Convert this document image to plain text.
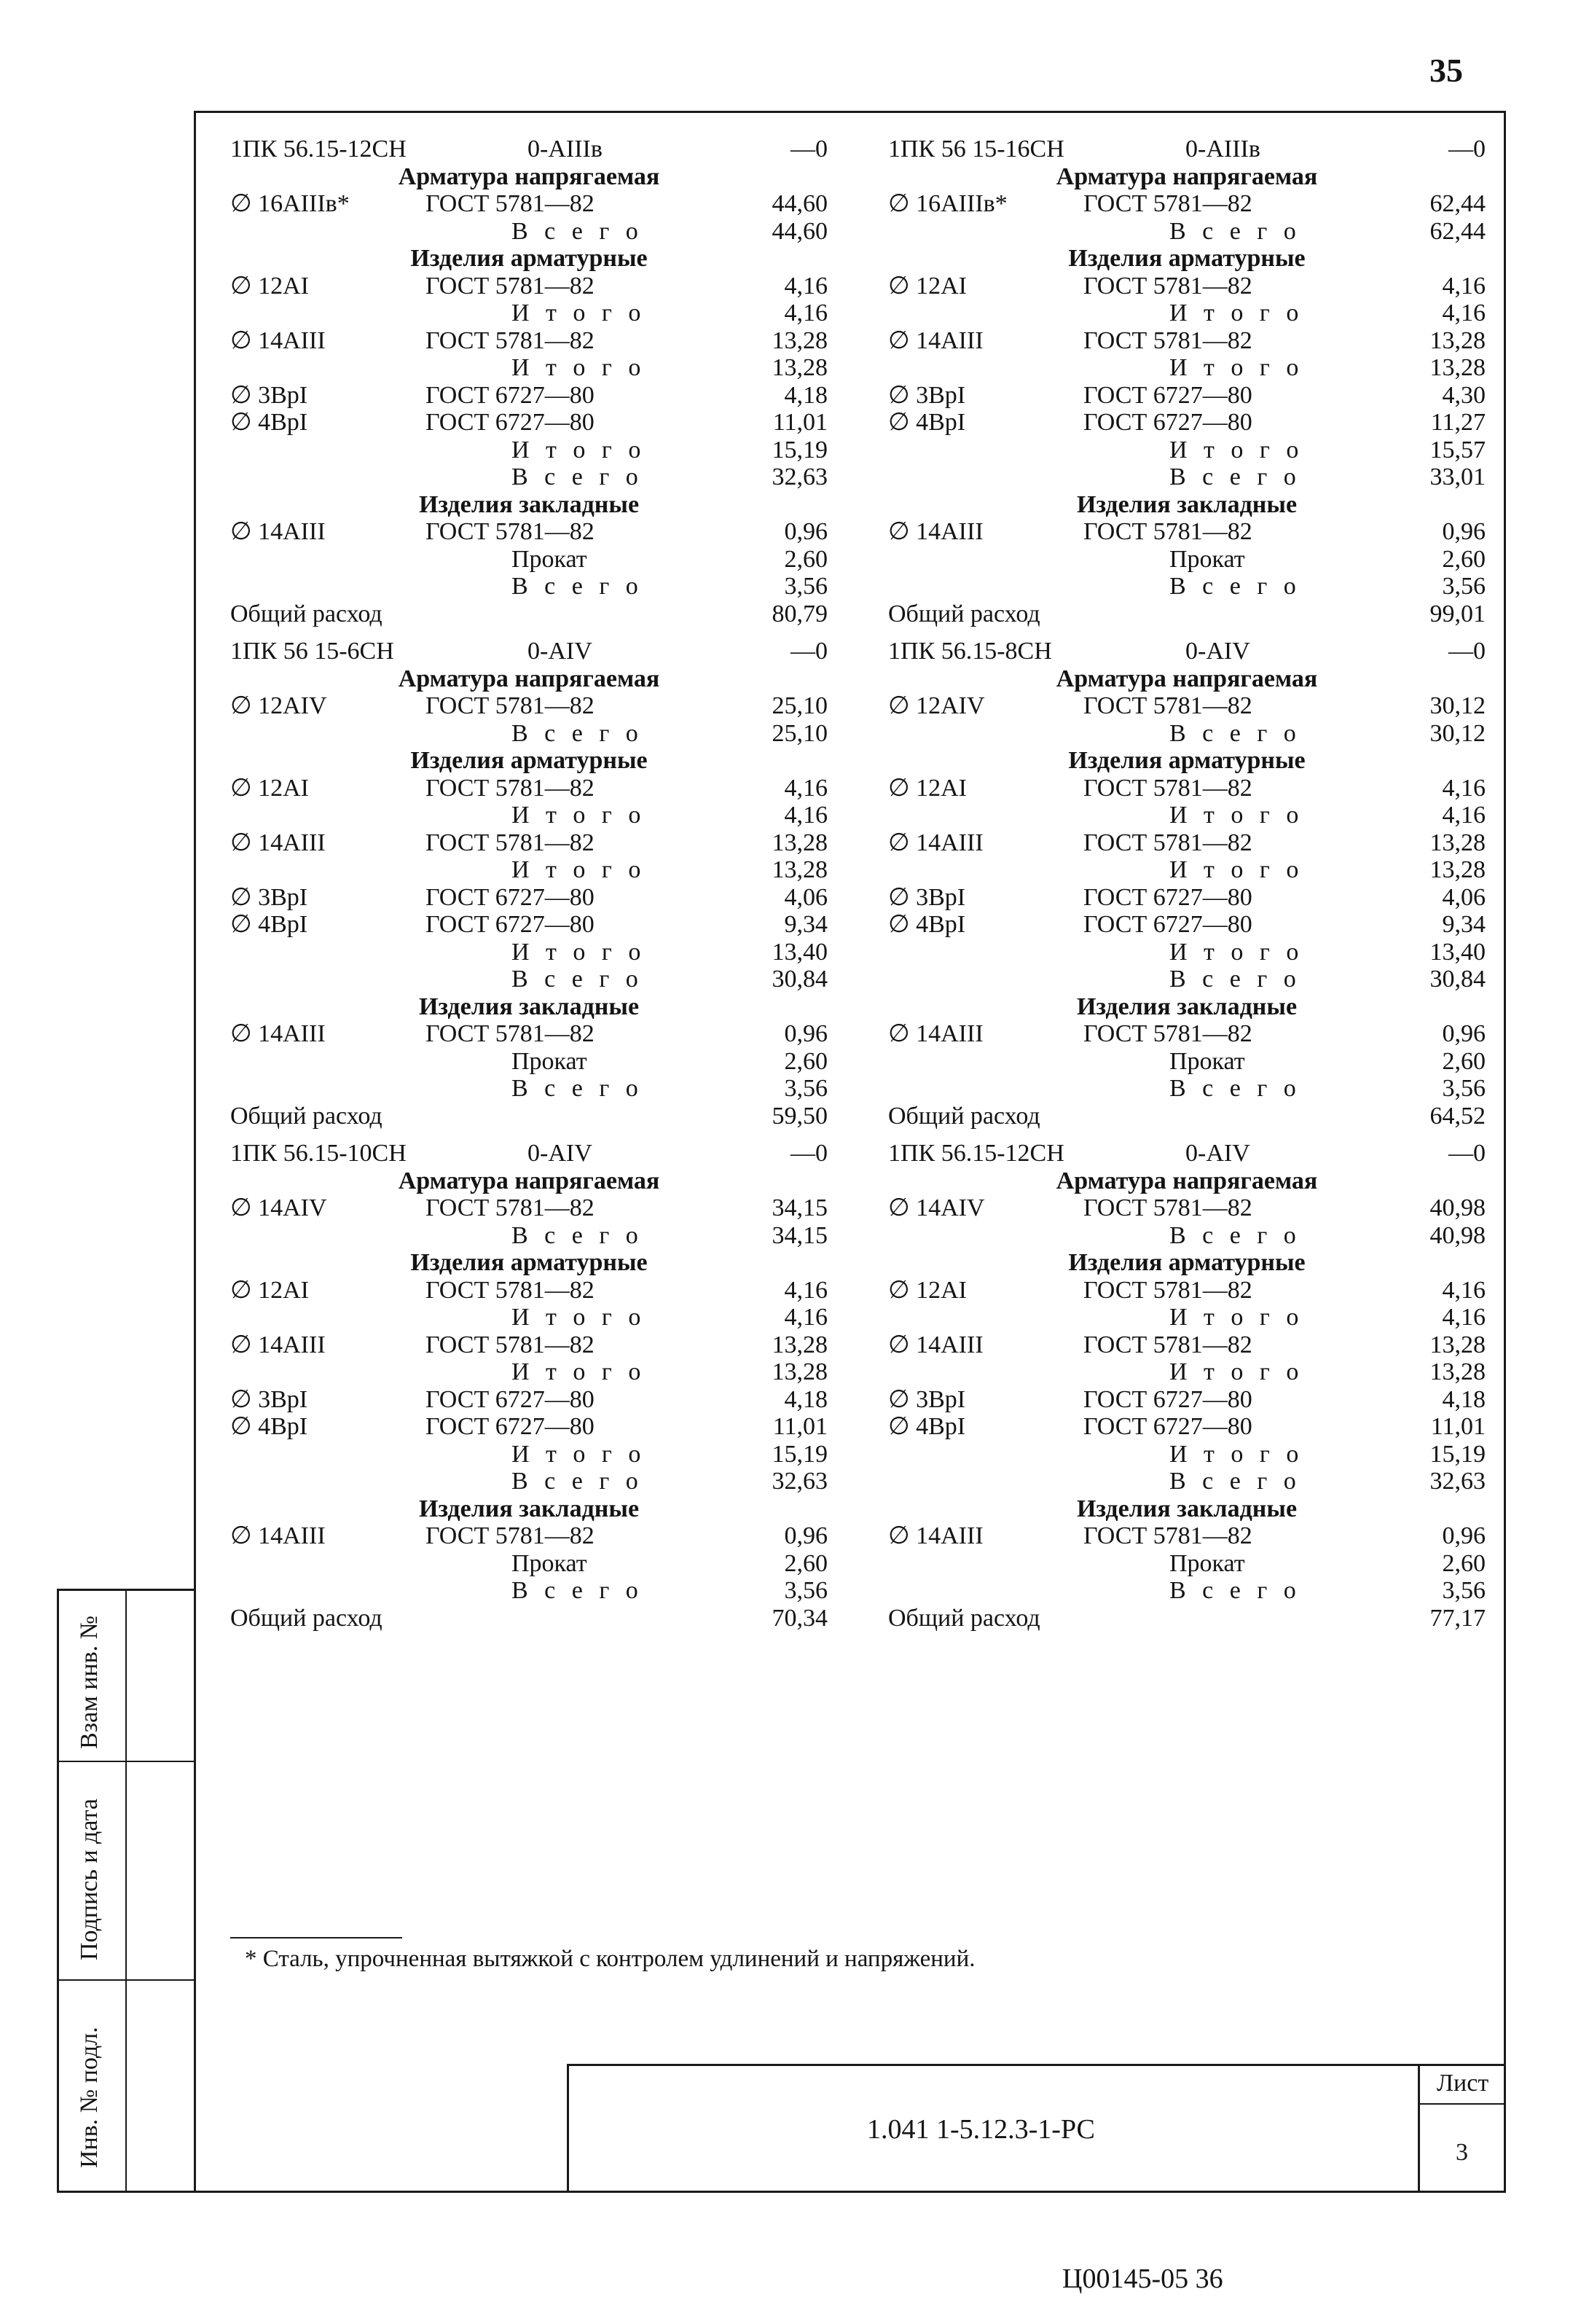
35
Взам инв. №
Подпись и дата
Инв. № подл.
1ПК 56.15-12СН	0-АIIIв	—0
Арматура напрягаемая
∅ 16АIIIв*	ГОСТ 5781—82	44,60
В с е г о	44,60
Изделия арматурные
∅ 12АI	ГОСТ 5781—82	4,16
И т о г о	4,16
∅ 14АIII	ГОСТ 5781—82	13,28
И т о г о	13,28
∅ 3ВрI	ГОСТ 6727—80	4,18
∅ 4ВрI	ГОСТ 6727—80	11,01
И т о г о	15,19
В с е г о	32,63
Изделия закладные
∅ 14АIII	ГОСТ 5781—82	0,96
Прокат	2,60
В с е г о	3,56
Общий расход	80,79
1ПК 56 15-6СН	0-АIV	—0
Арматура напрягаемая
∅ 12АIV	ГОСТ 5781—82	25,10
В с е г о	25,10
Изделия арматурные
∅ 12АI	ГОСТ 5781—82	4,16
И т о г о	4,16
∅ 14АIII	ГОСТ 5781—82	13,28
И т о г о	13,28
∅ 3ВрI	ГОСТ 6727—80	4,06
∅ 4ВрI	ГОСТ 6727—80	9,34
И т о г о	13,40
В с е г о	30,84
Изделия закладные
∅ 14АIII	ГОСТ 5781—82	0,96
Прокат	2,60
В с е г о	3,56
Общий расход	59,50
1ПК 56.15-10СН	0-АIV	—0
Арматура напрягаемая
∅ 14АIV	ГОСТ 5781—82	34,15
В с е г о	34,15
Изделия арматурные
∅ 12АI	ГОСТ 5781—82	4,16
И т о г о	4,16
∅ 14АIII	ГОСТ 5781—82	13,28
И т о г о	13,28
∅ 3ВрI	ГОСТ 6727—80	4,18
∅ 4ВрI	ГОСТ 6727—80	11,01
И т о г о	15,19
В с е г о	32,63
Изделия закладные
∅ 14АIII	ГОСТ 5781—82	0,96
Прокат	2,60
В с е г о	3,56
Общий расход	70,34
1ПК 56 15-16СН	0-АIIIв	—0
Арматура напрягаемая
∅ 16АIIIв*	ГОСТ 5781—82	62,44
В с е г о	62,44
Изделия арматурные
∅ 12АI	ГОСТ 5781—82	4,16
И т о г о	4,16
∅ 14АIII	ГОСТ 5781—82	13,28
И т о г о	13,28
∅ 3ВрI	ГОСТ 6727—80	4,30
∅ 4ВрI	ГОСТ 6727—80	11,27
И т о г о	15,57
В с е г о	33,01
Изделия закладные
∅ 14АIII	ГОСТ 5781—82	0,96
Прокат	2,60
В с е г о	3,56
Общий расход	99,01
1ПК 56.15-8СН	0-АIV	—0
Арматура напрягаемая
∅ 12АIV	ГОСТ 5781—82	30,12
В с е г о	30,12
Изделия арматурные
∅ 12АI	ГОСТ 5781—82	4,16
И т о г о	4,16
∅ 14АIII	ГОСТ 5781—82	13,28
И т о г о	13,28
∅ 3ВрI	ГОСТ 6727—80	4,06
∅ 4ВрI	ГОСТ 6727—80	9,34
И т о г о	13,40
В с е г о	30,84
Изделия закладные
∅ 14АIII	ГОСТ 5781—82	0,96
Прокат	2,60
В с е г о	3,56
Общий расход	64,52
1ПК 56.15-12СН	0-АIV	—0
Арматура напрягаемая
∅ 14АIV	ГОСТ 5781—82	40,98
В с е г о	40,98
Изделия арматурные
∅ 12АI	ГОСТ 5781—82	4,16
И т о г о	4,16
∅ 14АIII	ГОСТ 5781—82	13,28
И т о г о	13,28
∅ 3ВрI	ГОСТ 6727—80	4,18
∅ 4ВрI	ГОСТ 6727—80	11,01
И т о г о	15,19
В с е г о	32,63
Изделия закладные
∅ 14АIII	ГОСТ 5781—82	0,96
Прокат	2,60
В с е г о	3,56
Общий расход	77,17
* Сталь, упрочненная вытяжкой с контролем удлинений и напряжений.
1.041 1-5.12.3-1-РС
Лист
3
Ц00145-05 36
